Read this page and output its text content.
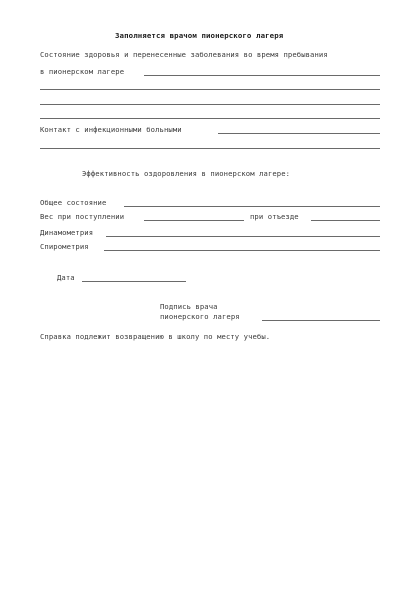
Заполняется врачом пионерского лагеря
Состояние здоровья и перенесенные заболевания во время пребывания
в пионерском лагере
Контакт с инфекционными больными
Эффективность оздоровления в пионерском лагере:
Общее состояние
Вес при поступлении	при отъезде
Динамометрия
Спирометрия
Дата
Подпись врача
пионерского лагеря
Справка подлежит возвращению в школу по месту учебы.
